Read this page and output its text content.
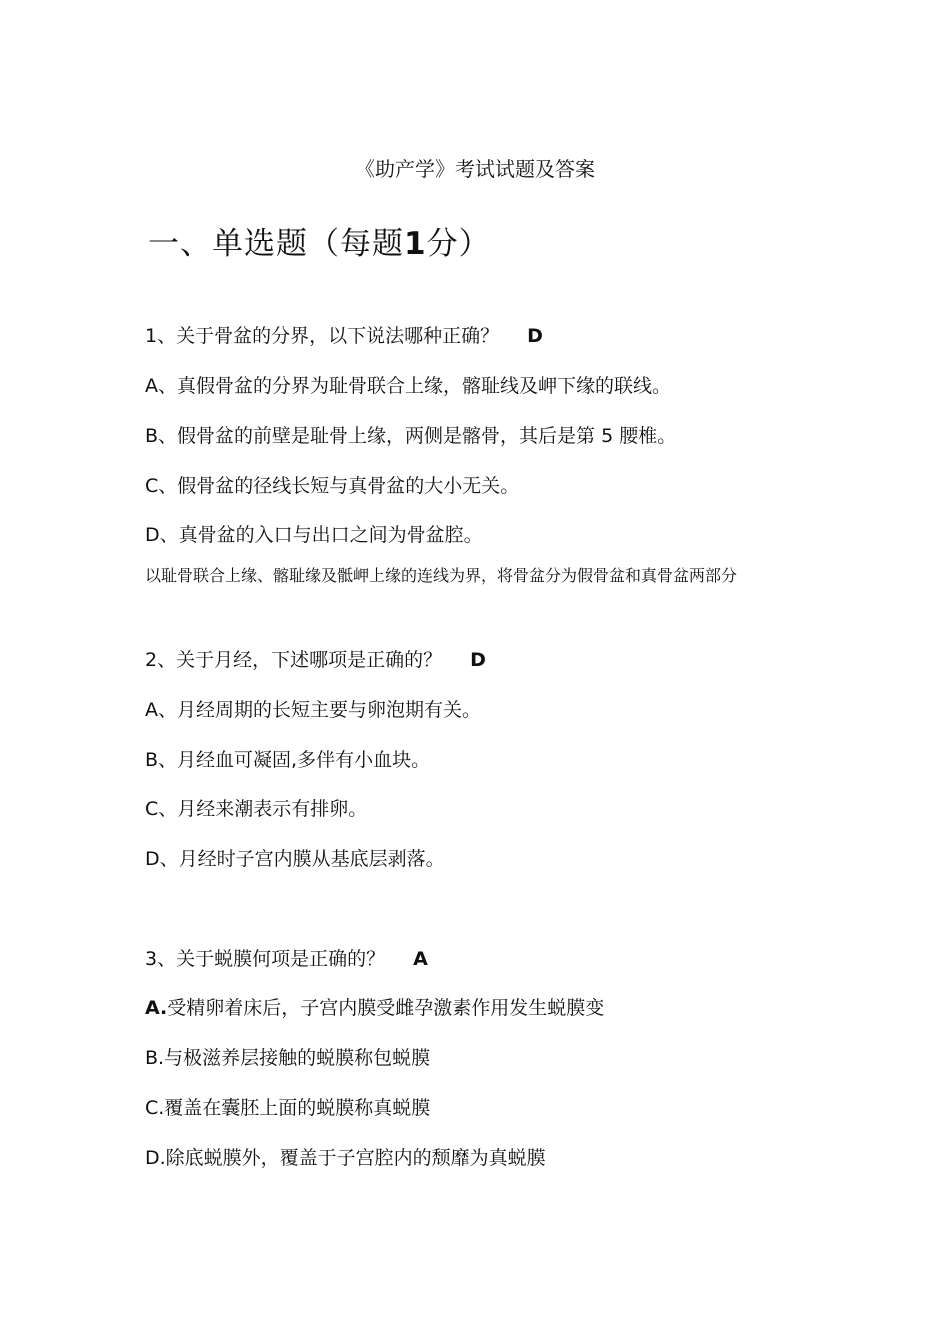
《助产学》考试试题及答案
一、单选题（每题1分）
1、关于骨盆的分界，以下说法哪种正确？ D
A、真假骨盆的分界为耻骨联合上缘，髂耻线及岬下缘的联线。
B、假骨盆的前壁是耻骨上缘，两侧是髂骨，其后是第 5 腰椎。
C、假骨盆的径线长短与真骨盆的大小无关。
D、真骨盆的入口与出口之间为骨盆腔。
以耻骨联合上缘、髂耻缘及骶岬上缘的连线为界，将骨盆分为假骨盆和真骨盆两部分
2、关于月经，下述哪项是正确的？ D
A、月经周期的长短主要与卵泡期有关。
B、月经血可凝固,多伴有小血块。
C、月经来潮表示有排卵。
D、月经时子宫内膜从基底层剥落。
3、关于蜕膜何项是正确的？ A
A.受精卵着床后，子宫内膜受雌孕激素作用发生蜕膜变
B.与极滋养层接触的蜕膜称包蜕膜
C.覆盖在囊胚上面的蜕膜称真蜕膜
D.除底蜕膜外，覆盖于子宫腔内的颓靡为真蜕膜
